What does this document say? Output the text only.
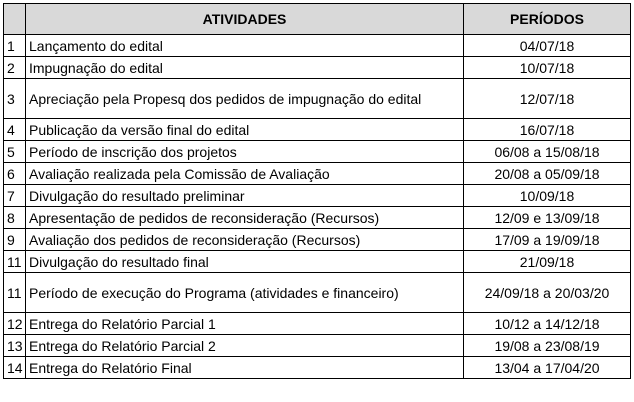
	ATIVIDADES	PERÍODOS
1	Lançamento do edital	04/07/18
2	Impugnação do edital	10/07/18
3	Apreciação pela Propesq dos pedidos de impugnação do edital	12/07/18
4	Publicação da versão final do edital	16/07/18
5	Período de inscrição dos projetos	06/08 a 15/08/18
6	Avaliação realizada pela Comissão de Avaliação	20/08 a 05/09/18
7	Divulgação do resultado preliminar	10/09/18
8	Apresentação de pedidos de reconsideração (Recursos)	12/09 e 13/09/18
9	Avaliação dos pedidos de reconsideração (Recursos)	17/09 a 19/09/18
11	Divulgação do resultado final	21/09/18
11	Período de execução do Programa (atividades e financeiro)	24/09/18 a 20/03/20
12	Entrega do Relatório Parcial 1	10/12 a 14/12/18
13	Entrega do Relatório Parcial 2	19/08 a 23/08/19
14	Entrega do Relatório Final	13/04 a 17/04/20
